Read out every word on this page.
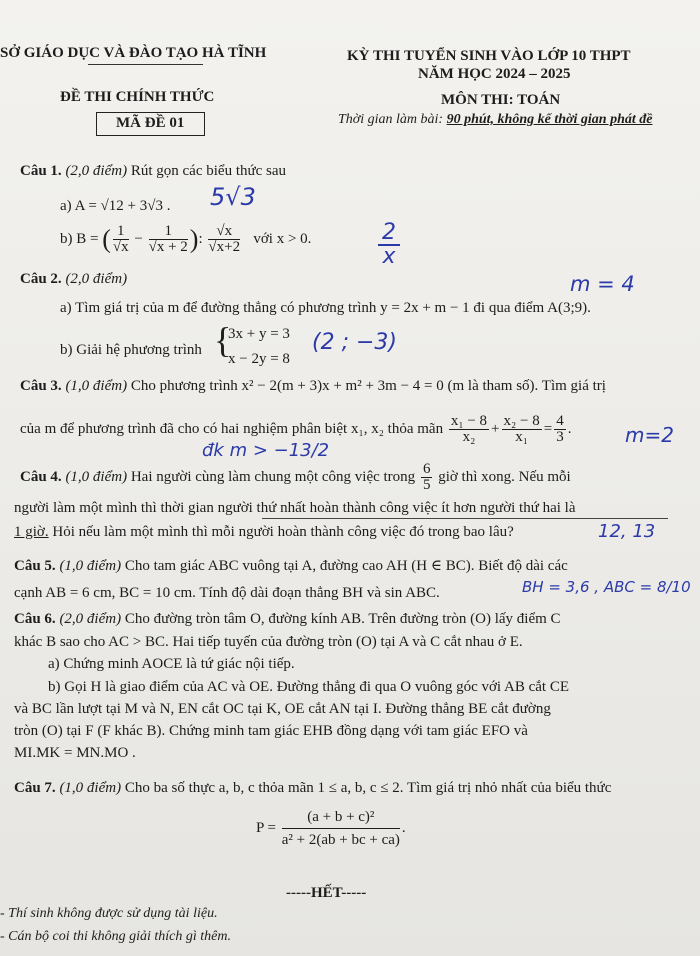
SỞ GIÁO DỤC VÀ ĐÀO TẠO HÀ TĨNH	KỲ THI TUYỂN SINH VÀO LỚP 10 THPT
NĂM HỌC 2024 – 2025
ĐỀ THI CHÍNH THỨC	MÔN THI: TOÁN
MÃ ĐỀ 01	Thời gian làm bài: 90 phút, không kể thời gian phát đề
Câu 1. (2,0 điểm) Rút gọn các biểu thức sau
a) A = √12 + 3√3 . 5√3
b) B = ( $\frac{1}{√x} - \frac{1}{√x + 2}$ ): $\frac{√x}{√x+2}$ với x > 0.	$\frac{2}{x}$
Câu 2. (2,0 điểm)	m = 4
a) Tìm giá trị của m để đường thẳng có phương trình y = 2x + m − 1 đi qua điểm A(3;9).
b) Giải hệ phương trình {
3x + y = 3
x − 2y = 8
(2 ; −3)
Câu 3. (1,0 điểm) Cho phương trình x² − 2(m + 3)x + m² + 3m − 4 = 0 (m là tham số). Tìm giá trị
của m để phương trình đã cho có hai nghiệm phân biệt x₁, x₂ thỏa mãn $\frac{\text{x₁ − 8}}{\text{x₂}} + \frac{\text{x₂ − 8}}{\text{x₁}} = \frac{4}{3}$ .	m=2
đk m > −13/2
Câu 4. (1,0 điểm) Hai người cùng làm chung một công việc trong $\frac{6}{5}$ giờ thì xong. Nếu mỗi
người làm một mình thì thời gian người thứ nhất hoàn thành công việc ít hơn người thứ hai là
1 giờ. Hỏi nếu làm một mình thì mỗi người hoàn thành công việc đó trong bao lâu?	12, 13
Câu 5. (1,0 điểm) Cho tam giác ABC vuông tại A, đường cao AH (H ∈ BC). Biết độ dài các
cạnh AB = 6 cm, BC = 10 cm. Tính độ dài đoạn thẳng BH và sin ABC.	BH = 3,6 , ABC = 8/10
Câu 6. (2,0 điểm) Cho đường tròn tâm O, đường kính AB. Trên đường tròn (O) lấy điểm C
khác B sao cho AC > BC. Hai tiếp tuyến của đường tròn (O) tại A và C cắt nhau ở E.
a) Chứng minh AOCE là tứ giác nội tiếp.
b) Gọi H là giao điểm của AC và OE. Đường thẳng đi qua O vuông góc với AB cắt CE
và BC lần lượt tại M và N, EN cắt OC tại K, OE cắt AN tại I. Đường thẳng BE cắt đường
tròn (O) tại F (F khác B). Chứng minh tam giác EHB đồng dạng với tam giác EFO và
MI.MK = MN.MO .
Câu 7. (1,0 điểm) Cho ba số thực a, b, c thỏa mãn 1 ≤ a, b, c ≤ 2. Tìm giá trị nhỏ nhất của biểu thức
$P = \frac{\text{(a + b + c)²}}{\text{a² + 2(ab + bc + ca)}}$ .
-----HẾT-----
- Thí sinh không được sử dụng tài liệu.
- Cán bộ coi thi không giải thích gì thêm.
